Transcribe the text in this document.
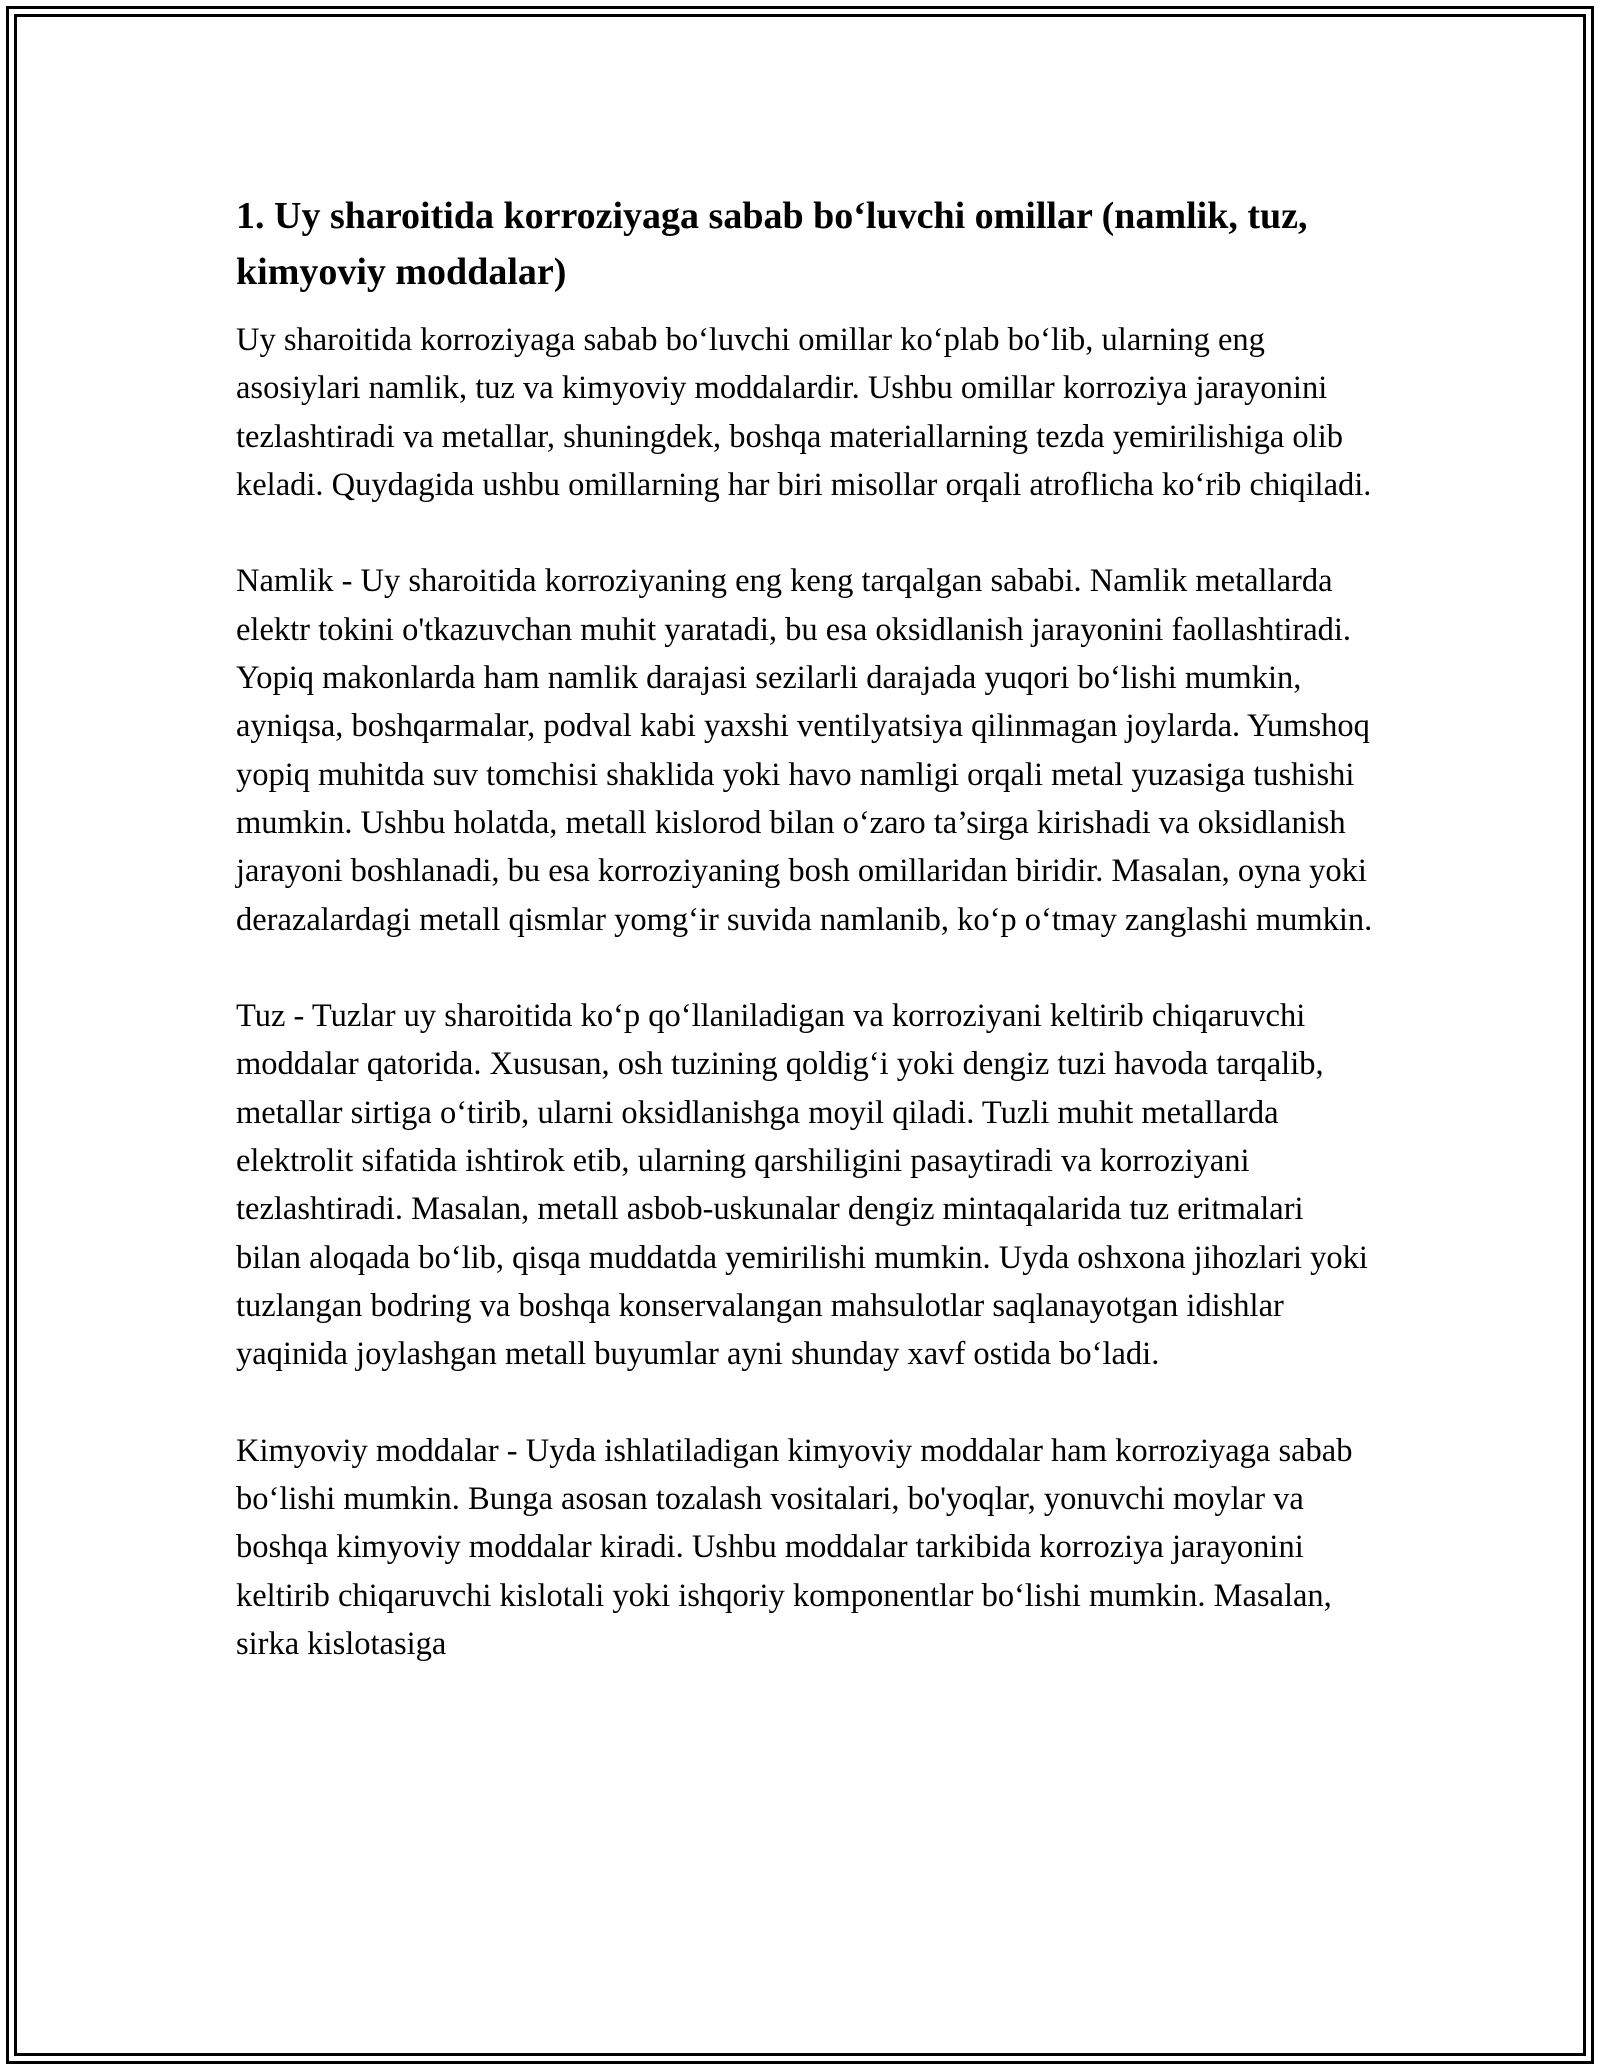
1. Uy sharoitida korroziyaga sabab bo‘luvchi omillar (namlik, tuz, kimyoviy moddalar)

Uy sharoitida korroziyaga sabab bo‘luvchi omillar ko‘plab bo‘lib, ularning eng asosiylari namlik, tuz va kimyoviy moddalardir. Ushbu omillar korroziya jarayonini tezlashtiradi va metallar, shuningdek, boshqa materiallarning tezda yemirilishiga olib keladi. Quydagida ushbu omillarning har biri misollar orqali atroflicha ko‘rib chiqiladi.

Namlik - Uy sharoitida korroziyaning eng keng tarqalgan sababi. Namlik metallarda elektr tokini o'tkazuvchan muhit yaratadi, bu esa oksidlanish jarayonini faollashtiradi. Yopiq makonlarda ham namlik darajasi sezilarli darajada yuqori bo‘lishi mumkin, ayniqsa, boshqarmalar, podval kabi yaxshi ventilyatsiya qilinmagan joylarda. Yumshoq yopiq muhitda suv tomchisi shaklida yoki havo namligi orqali metal yuzasiga tushishi mumkin. Ushbu holatda, metall kislorod bilan o‘zaro ta’sirga kirishadi va oksidlanish jarayoni boshlanadi, bu esa korroziyaning bosh omillaridan biridir. Masalan, oyna yoki derazalardagi metall qismlar yomg‘ir suvida namlanib, ko‘p o‘tmay zanglashi mumkin.

Tuz - Tuzlar uy sharoitida ko‘p qo‘llaniladigan va korroziyani keltirib chiqaruvchi moddalar qatorida. Xususan, osh tuzining qoldig‘i yoki dengiz tuzi havoda tarqalib, metallar sirtiga o‘tirib, ularni oksidlanishga moyil qiladi. Tuzli muhit metallarda elektrolit sifatida ishtirok etib, ularning qarshiligini pasaytiradi va korroziyani tezlashtiradi. Masalan, metall asbob-uskunalar dengiz mintaqalarida tuz eritmalari bilan aloqada bo‘lib, qisqa muddatda yemirilishi mumkin. Uyda oshxona jihozlari yoki tuzlangan bodring va boshqa konservalangan mahsulotlar saqlanayotgan idishlar yaqinida joylashgan metall buyumlar ayni shunday xavf ostida bo‘ladi.

Kimyoviy moddalar - Uyda ishlatiladigan kimyoviy moddalar ham korroziyaga sabab bo‘lishi mumkin. Bunga asosan tozalash vositalari, bo'yoqlar, yonuvchi moylar va boshqa kimyoviy moddalar kiradi. Ushbu moddalar tarkibida korroziya jarayonini keltirib chiqaruvchi kislotali yoki ishqoriy komponentlar bo‘lishi mumkin. Masalan, sirka kislotasiga
